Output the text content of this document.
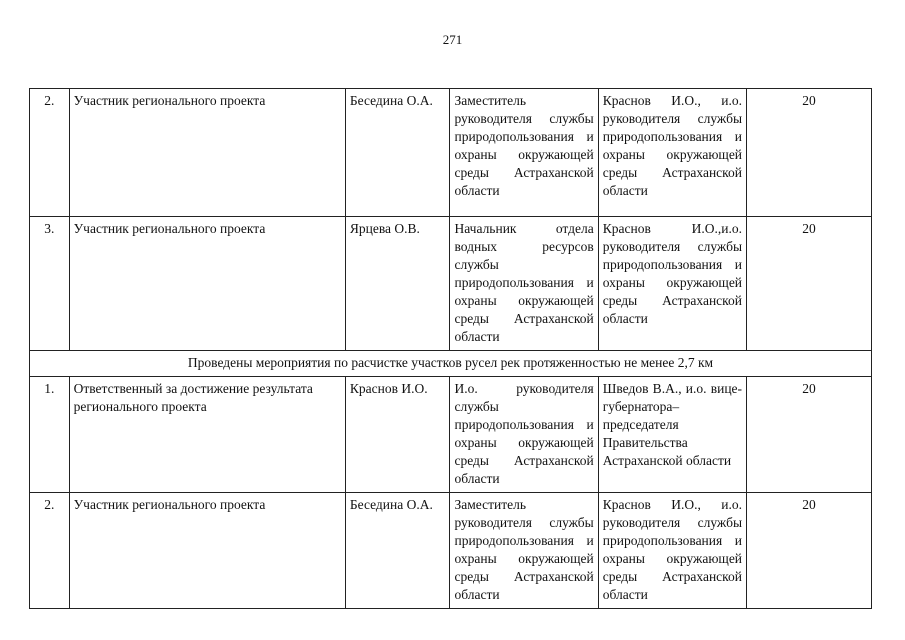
271
2.	Участник регионального проекта	Беседина О.А.	Заместитель руководителя службы природопользования и охраны окружающей среды Астраханской области	Краснов И.О., и.о. руководителя службы природопользования и охраны окружающей среды Астраханской области	20
3.	Участник регионального проекта	Ярцева О.В.	Начальник отдела водных ресурсов службы природопользования и охраны окружающей среды Астраханской области	Краснов И.О.,и.о. руководителя службы природопользования и охраны окружающей среды Астраханской области	20
Проведены мероприятия по расчистке участков русел рек протяженностью не менее 2,7 км					
1.	Ответственный за достижение результата регионального проекта	Краснов И.О.	И.о. руководителя службы природопользования и охраны окружающей среды Астраханской области	Шведов В.А., и.о. вице-губернатора– председателя Правительства Астраханской области	20
2.	Участник регионального проекта	Беседина О.А.	Заместитель руководителя службы природопользования и охраны окружающей среды Астраханской области	Краснов И.О., и.о. руководителя службы природопользования и охраны окружающей среды Астраханской области	20
